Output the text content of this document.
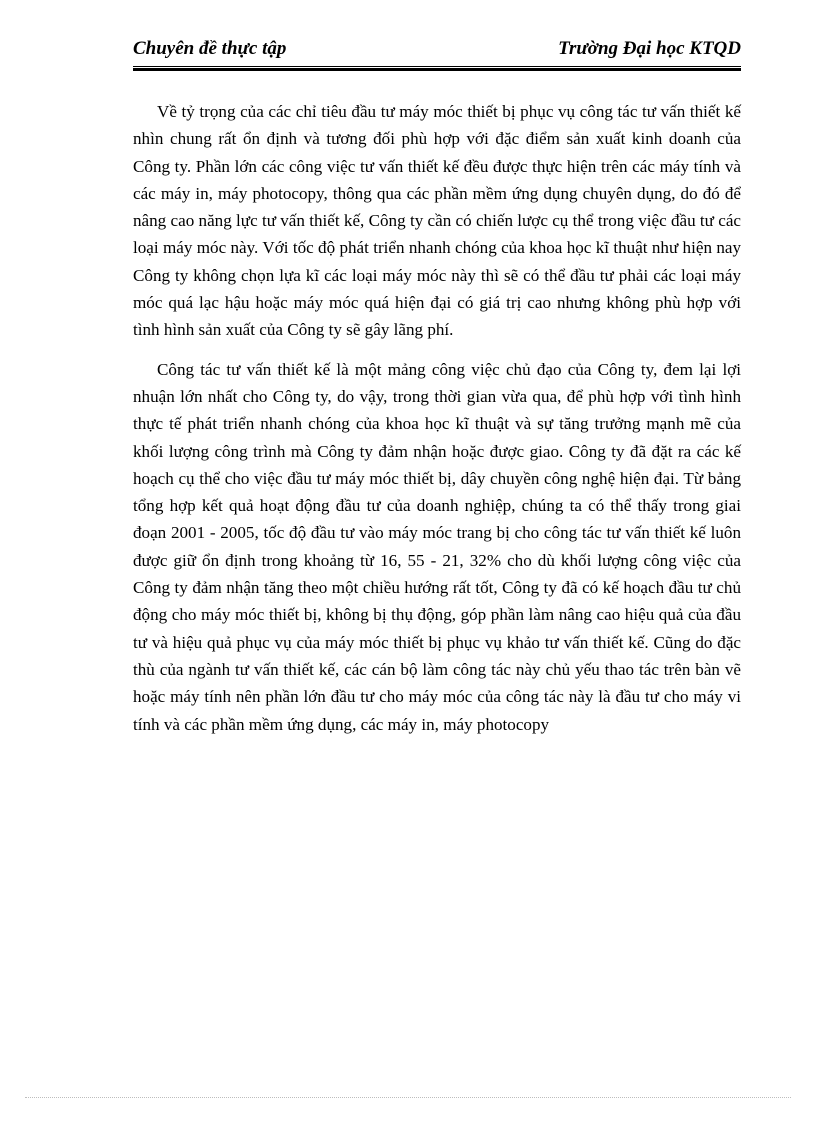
Chuyên đề thực tập	Trường Đại học KTQD

Về tỷ trọng của các chỉ tiêu đầu tư máy móc thiết bị phục vụ công tác tư vấn thiết kế nhìn chung rất ổn định và tương đối phù hợp với đặc điểm sản xuất kinh doanh của Công ty. Phần lớn các công việc tư vấn thiết kế đều được thực hiện trên các máy tính và các máy in, máy photocopy, thông qua các phần mềm ứng dụng chuyên dụng, do đó để nâng cao năng lực tư vấn thiết kế, Công ty cần có chiến lược cụ thể trong việc đầu tư các loại máy móc này. Với tốc độ phát triển nhanh chóng của khoa học kĩ thuật như hiện nay Công ty không chọn lựa kĩ các loại máy móc này thì sẽ có thể đầu tư phải các loại máy móc quá lạc hậu hoặc máy móc quá hiện đại có giá trị cao nhưng không phù hợp với tình hình sản xuất của Công ty sẽ gây lãng phí.

Công tác tư vấn thiết kế là một mảng công việc chủ đạo của Công ty, đem lại lợi nhuận lớn nhất cho Công ty, do vậy, trong thời gian vừa qua, để phù hợp với tình hình thực tế phát triển nhanh chóng của khoa học kĩ thuật và sự tăng trưởng mạnh mẽ của khối lượng công trình mà Công ty đảm nhận hoặc được giao. Công ty đã đặt ra các kế hoạch cụ thể cho việc đầu tư máy móc thiết bị, dây chuyền công nghệ hiện đại. Từ bảng tổng hợp kết quả hoạt động đầu tư của doanh nghiệp, chúng ta có thể thấy trong giai đoạn 2001 - 2005, tốc độ đầu tư vào máy móc trang bị cho công tác tư vấn thiết kế luôn được giữ ổn định trong khoảng từ 16, 55 - 21, 32% cho dù khối lượng công việc của Công ty đảm nhận tăng theo một chiều hướng rất tốt, Công ty đã có kế hoạch đầu tư chủ động cho máy móc thiết bị, không bị thụ động, góp phần làm nâng cao hiệu quả của đầu tư và hiệu quả phục vụ của máy móc thiết bị phục vụ khảo tư vấn thiết kế. Cũng do đặc thù của ngành tư vấn thiết kế, các cán bộ làm công tác này chủ yếu thao tác trên bàn vẽ hoặc máy tính nên phần lớn đầu tư cho máy móc của công tác này là đầu tư cho máy vi tính và các phần mềm ứng dụng, các máy in, máy photocopy
